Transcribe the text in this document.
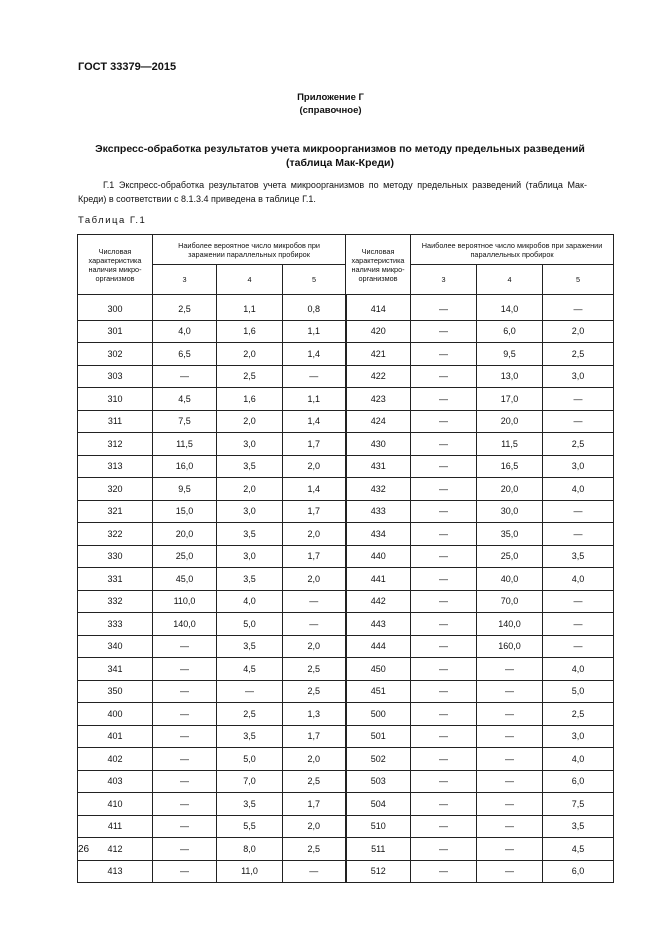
ГОСТ 33379—2015
Приложение Г
(справочное)
Экспресс-обработка результатов учета микроорганизмов по методу предельных разведений (таблица Мак-Креди)
Г.1 Экспресс-обработка результатов учета микроорганизмов по методу предельных разведений (таблица Мак-Креди) в соответствии с 8.1.3.4 приведена в таблице Г.1.
Таблица Г.1
Числовая характеристика наличия микро-организмов	Наиболее вероятное число микробов при заражении параллельных пробирок			Числовая характеристика наличия микро-организмов	Наиболее вероятное число микробов при заражении параллельных пробирок		
	3	4	5		3	4	5
300	2,5	1,1	0,8	414	—	14,0	—
301	4,0	1,6	1,1	420	—	6,0	2,0
302	6,5	2,0	1,4	421	—	9,5	2,5
303	—	2,5	—	422	—	13,0	3,0
310	4,5	1,6	1,1	423	—	17,0	—
311	7,5	2,0	1,4	424	—	20,0	—
312	11,5	3,0	1,7	430	—	11,5	2,5
313	16,0	3,5	2,0	431	—	16,5	3,0
320	9,5	2,0	1,4	432	—	20,0	4,0
321	15,0	3,0	1,7	433	—	30,0	—
322	20,0	3,5	2,0	434	—	35,0	—
330	25,0	3,0	1,7	440	—	25,0	3,5
331	45,0	3,5	2,0	441	—	40,0	4,0
332	110,0	4,0	—	442	—	70,0	—
333	140,0	5,0	—	443	—	140,0	—
340	—	3,5	2,0	444	—	160,0	—
341	—	4,5	2,5	450	—	—	4,0
350	—	—	2,5	451	—	—	5,0
400	—	2,5	1,3	500	—	—	2,5
401	—	3,5	1,7	501	—	—	3,0
402	—	5,0	2,0	502	—	—	4,0
403	—	7,0	2,5	503	—	—	6,0
410	—	3,5	1,7	504	—	—	7,5
411	—	5,5	2,0	510	—	—	3,5
412	—	8,0	2,5	511	—	—	4,5
413	—	11,0	—	512	—	—	6,0
26
